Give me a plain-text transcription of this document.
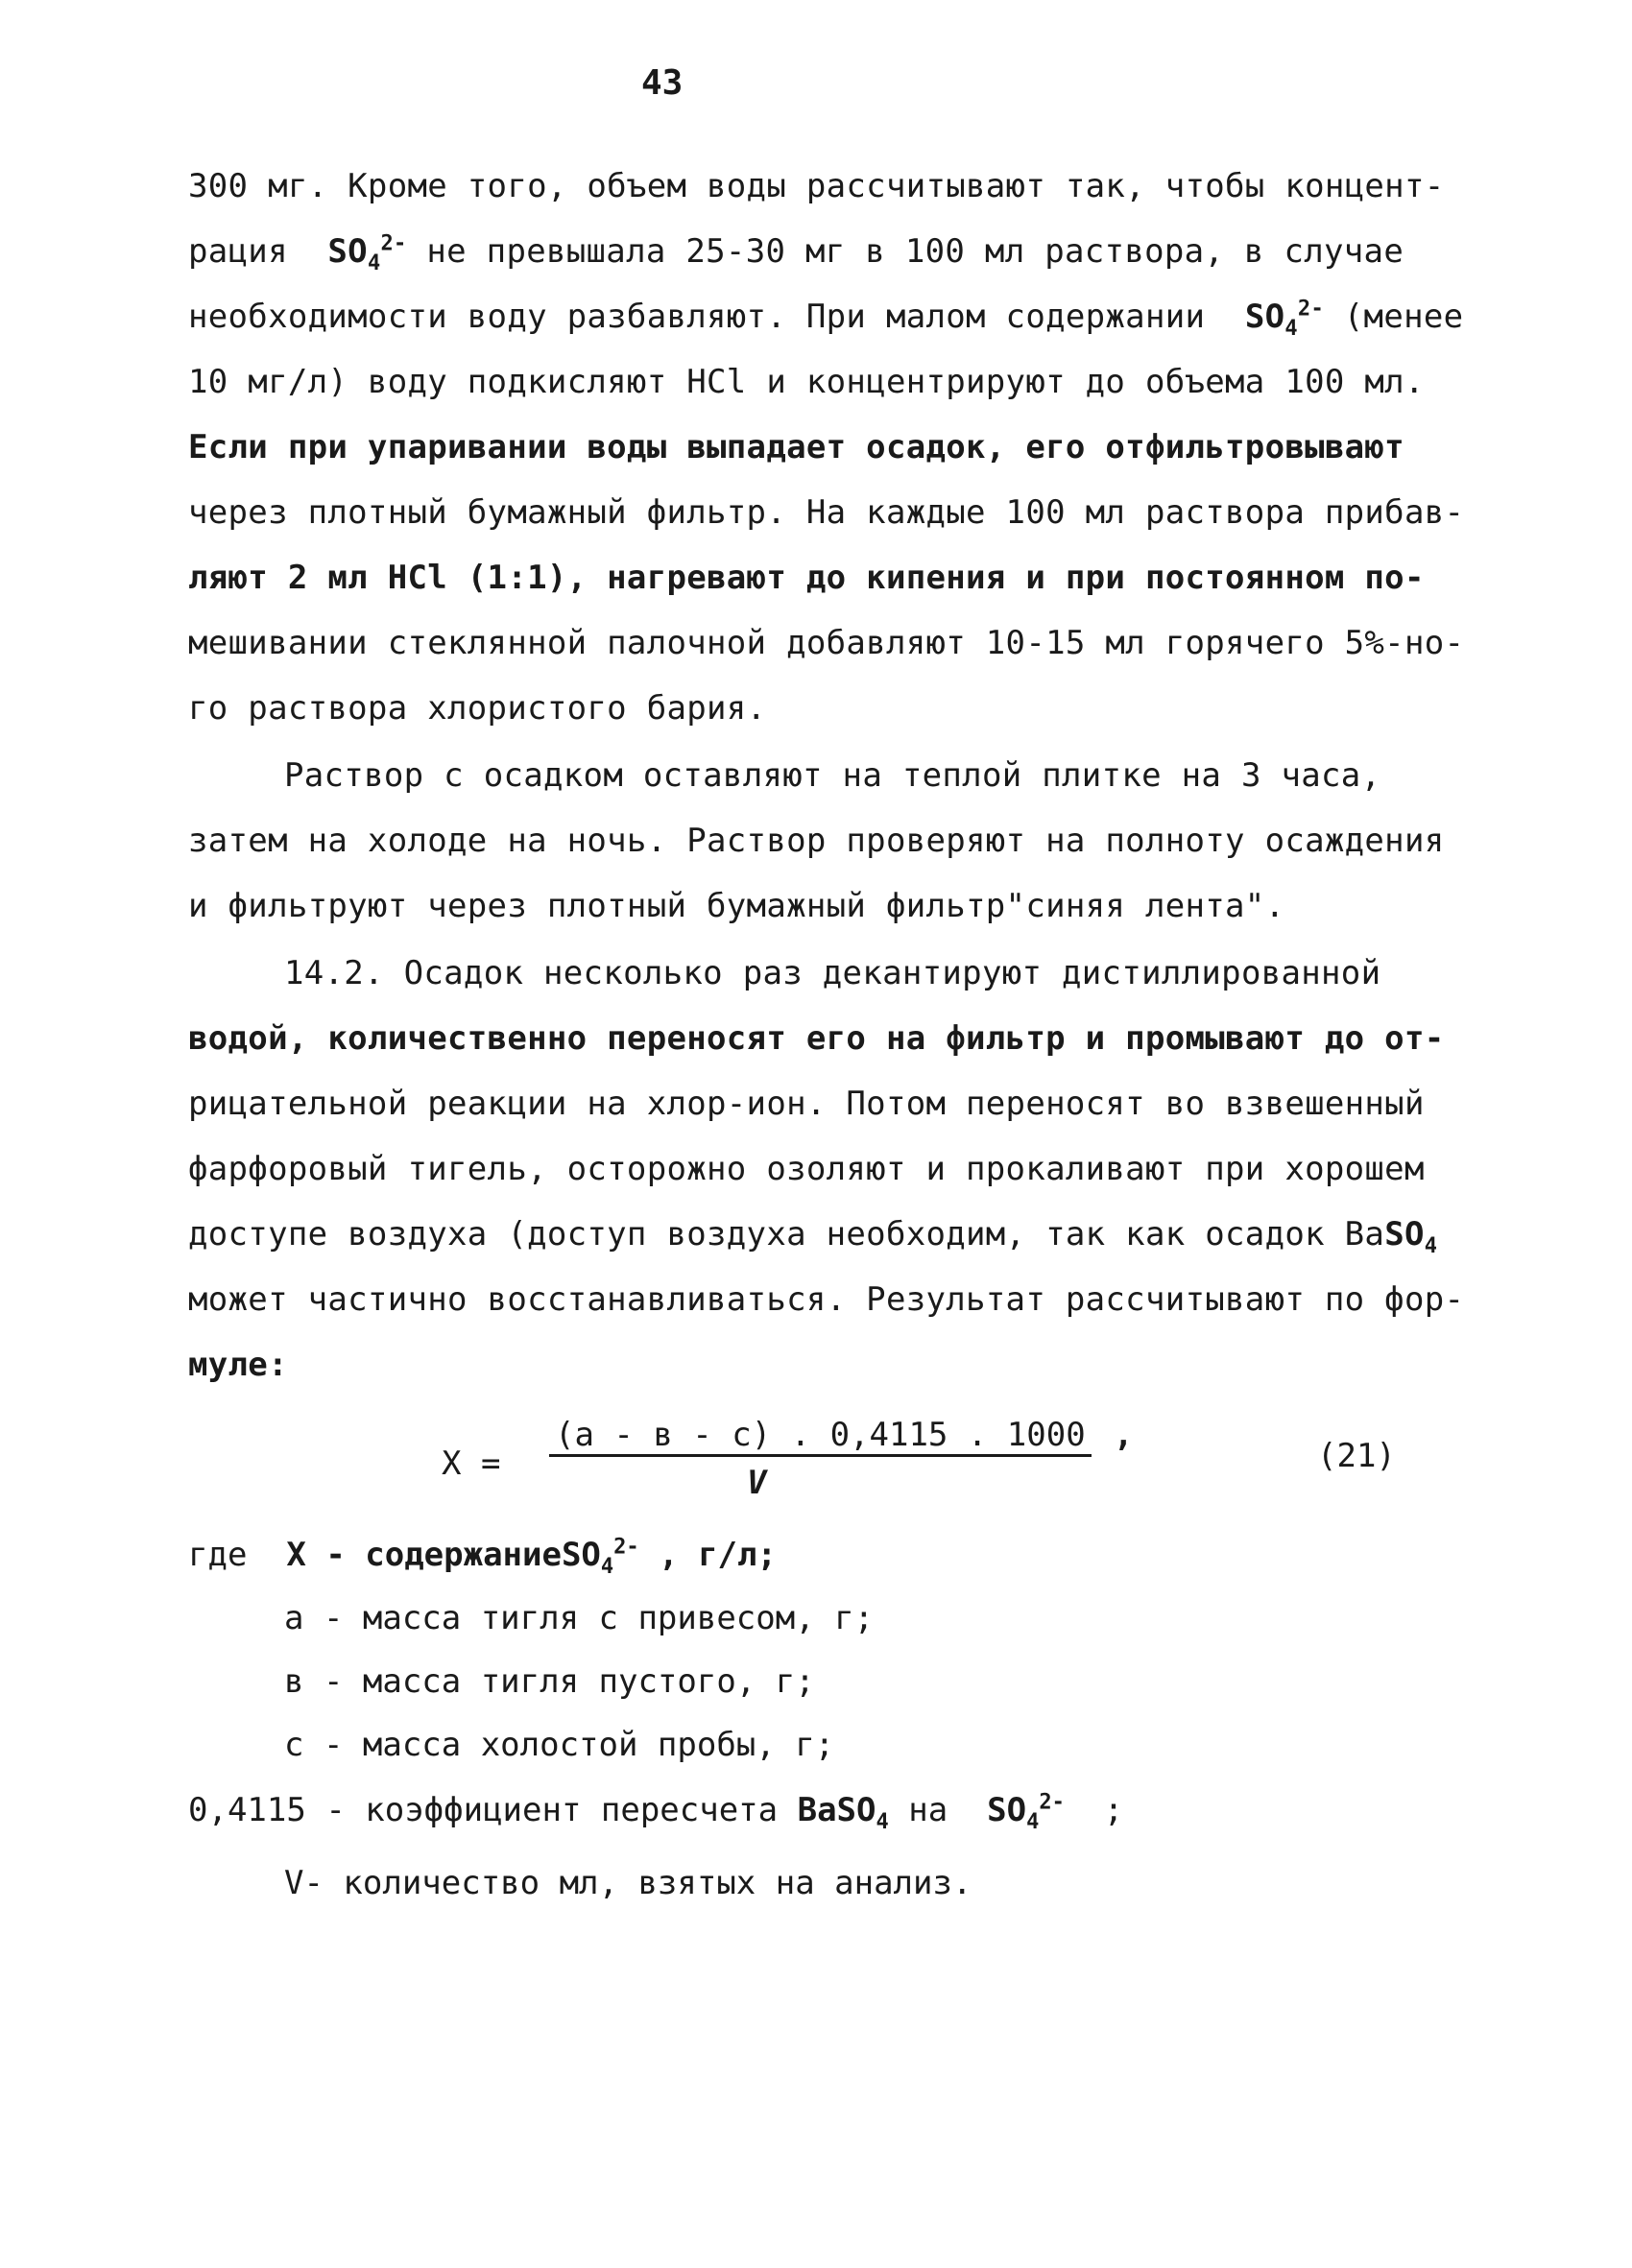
43
300 мг. Кроме того, объем воды рассчитывают так, чтобы концент-
рация $SO_4^{2-}$ не превышала 25-30 мг в 100 мл раствора, в случае
необходимости воду разбавляют. При малом содержании $SO_4^{2-}$ (менее
10 мг/л) воду подкисляют HCl и концентрируют до объема 100 мл.
Если при упаривании воды выпадает осадок, его отфильтровывают
через плотный бумажный фильтр. На каждые 100 мл раствора прибав-
ляют 2 мл HCl (1:1), нагревают до кипения и при постоянном по-
мешивании стеклянной палочной добавляют 10-15 мл горячего 5%-но-
го раствора хлористого бария.
Раствор с осадком оставляют на теплой плитке на 3 часа,
затем на холоде на ночь. Раствор проверяют на полноту осаждения
и фильтруют через плотный бумажный фильтр"синяя лента".
14.2. Осадок несколько раз декантируют дистиллированной
водой, количественно переносят его на фильтр и промывают до от-
рицательной реакции на хлор-ион. Потом переносят во взвешенный
фарфоровый тигель, осторожно озоляют и прокаливают при хорошем
доступе воздуха (доступ воздуха необходим, так как осадок BaSO$_4$
может частично восстанавливаться. Результат рассчитывают по фор-
муле:
X =
(a - в - c) . 0,4115 . 1000
V
,
(21)
где X - содержаниеSO$_4^{2-}$ , г/л;
a - масса тигля с привесом, г;
в - масса тигля пустого, г;
c - масса холостой пробы, г;
0,4115 - коэффициент пересчета BaSO$_4$ на $SO_4^{2-}$ ;
V- количество мл, взятых на анализ.
